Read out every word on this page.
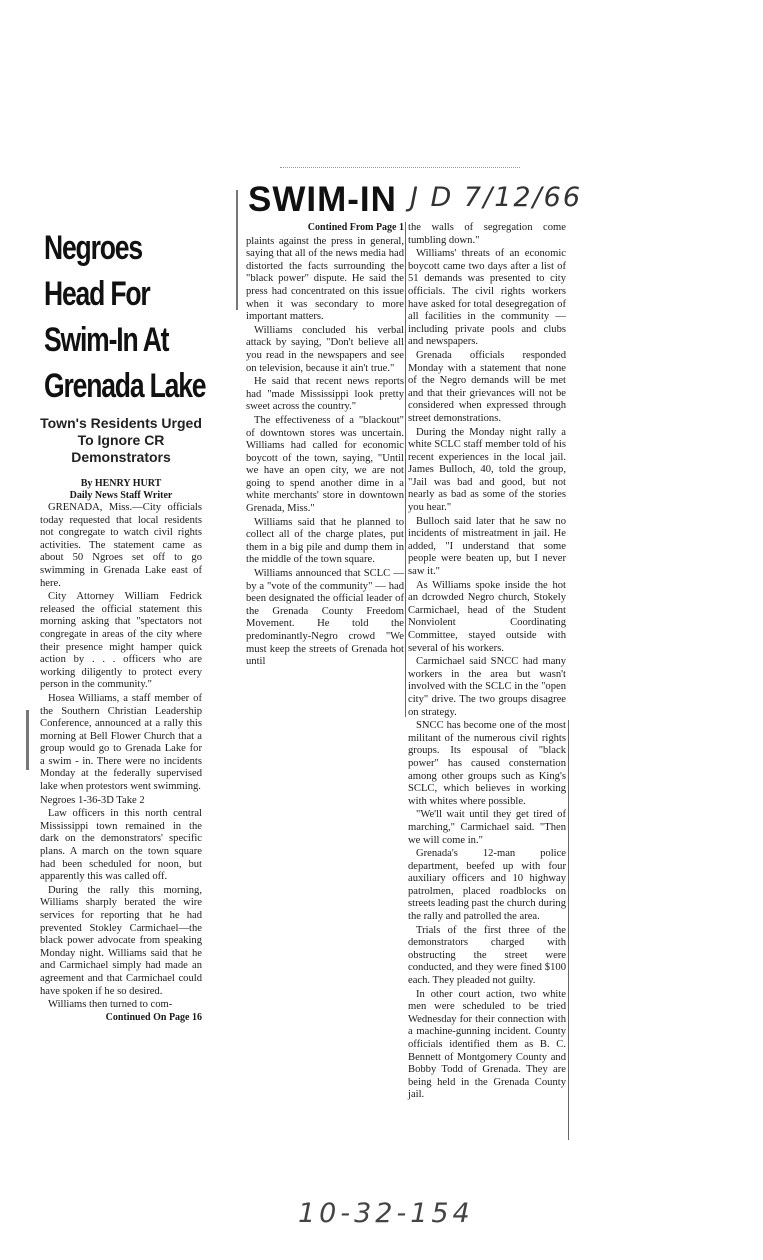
Negroes Head For Swim-In At Grenada Lake
Town's Residents Urged To Ignore CR Demonstrators
By HENRY HURT
Daily News Staff Writer

GRENADA, Miss.—City officials today requested that local residents not congregate to watch civil rights activities. The statement came as about 50 Ngroes set off to go swimming in Grenada Lake east of here.

City Attorney William Fedrick released the official statement this morning asking that "spectators not congregate in areas of the city where their presence might hamper quick action by . . . officers who are working diligently to protect every person in the community."

Hosea Williams, a staff member of the Southern Christian Leadership Conference, announced at a rally this morning at Bell Flower Church that a group would go to Grenada Lake for a swim - in. There were no incidents Monday at the federally supervised lake when protestors went swimming.

Negroes 1-36-3D Take 2

Law officers in this north central Mississippi town remained in the dark on the demonstrators' specific plans. A march on the town square had been scheduled for noon, but apparently this was called off.

During the rally this morning, Williams sharply berated the wire services for reporting that he had prevented Stokley Carmichael—the black power advocate from speaking Monday night. Williams said that he and Carmichael simply had made an agreement and that Carmichael could have spoken if he so desired.

Williams then turned to com-

Continued On Page 16
SWIM-IN J D 7/12/66

Contined From Page 1

plaints against the press in general, saying that all of the news media had distorted the facts surrounding the "black power" dispute. He said the press had concentrated on this issue when it was secondary to more important matters.

Williams concluded his verbal attack by saying, "Don't believe all you read in the newspapers and see on television, because it ain't true."

He said that recent news reports had "made Mississippi look pretty sweet across the country."

The effectiveness of a "blackout" of downtown stores was uncertain. Williams had called for economic boycott of the town, saying, "Until we have an open city, we are not going to spend another dime in a white merchants' store in downtown Grenada, Miss."

Williams said that he planned to collect all of the charge plates, put them in a big pile and dump them in the middle of the town square.

Williams announced that SCLC — by a "vote of the community" — had been designated the official leader of the Grenada County Freedom Movement. He told the predominantly-Negro crowd "We must keep the streets of Grenada hot until

the walls of segregation come tumbling down."

Williams' threats of an economic boycott came two days after a list of 51 demands was presented to city officials. The civil rights workers have asked for total desegregation of all facilities in the community — including private pools and clubs and newspapers.

Grenada officials responded Monday with a statement that none of the Negro demands will be met and that their grievances will not be considered when expressed through street demonstrations.

During the Monday night rally a white SCLC staff member told of his recent experiences in the local jail. James Bulloch, 40, told the group, "Jail was bad and good, but not nearly as bad as some of the stories you hear."

Bulloch said later that he saw no incidents of mistreatment in jail. He added, "I understand that some people were beaten up, but I never saw it."

As Williams spoke inside the hot an dcrowded Negro church, Stokely Carmichael, head of the Student Nonviolent Coordinating Committee, stayed outside with several of his workers.

Carmichael said SNCC had many workers in the area but wasn't involved with the SCLC in the "open city" drive. The two groups disagree on strategy.

SNCC has become one of the most militant of the numerous civil rights groups. Its espousal of "black power" has caused consternation among other groups such as King's SCLC, which believes in working with whites where possible.

"We'll wait until they get tired of marching," Carmichael said. "Then we will come in."

Grenada's 12-man police department, beefed up with four auxiliary officers and 10 highway patrolmen, placed roadblocks on streets leading past the church during the rally and patrolled the area.

Trials of the first three of the demonstrators charged with obstructing the street were conducted, and they were fined $100 each. They pleaded not guilty.

In other court action, two white men were scheduled to be tried Wednesday for their connection with a machine-gunning incident. County officials identified them as B. C. Bennett of Montgomery County and Bobby Todd of Grenada. They are being held in the Grenada County jail.

10-32-154
